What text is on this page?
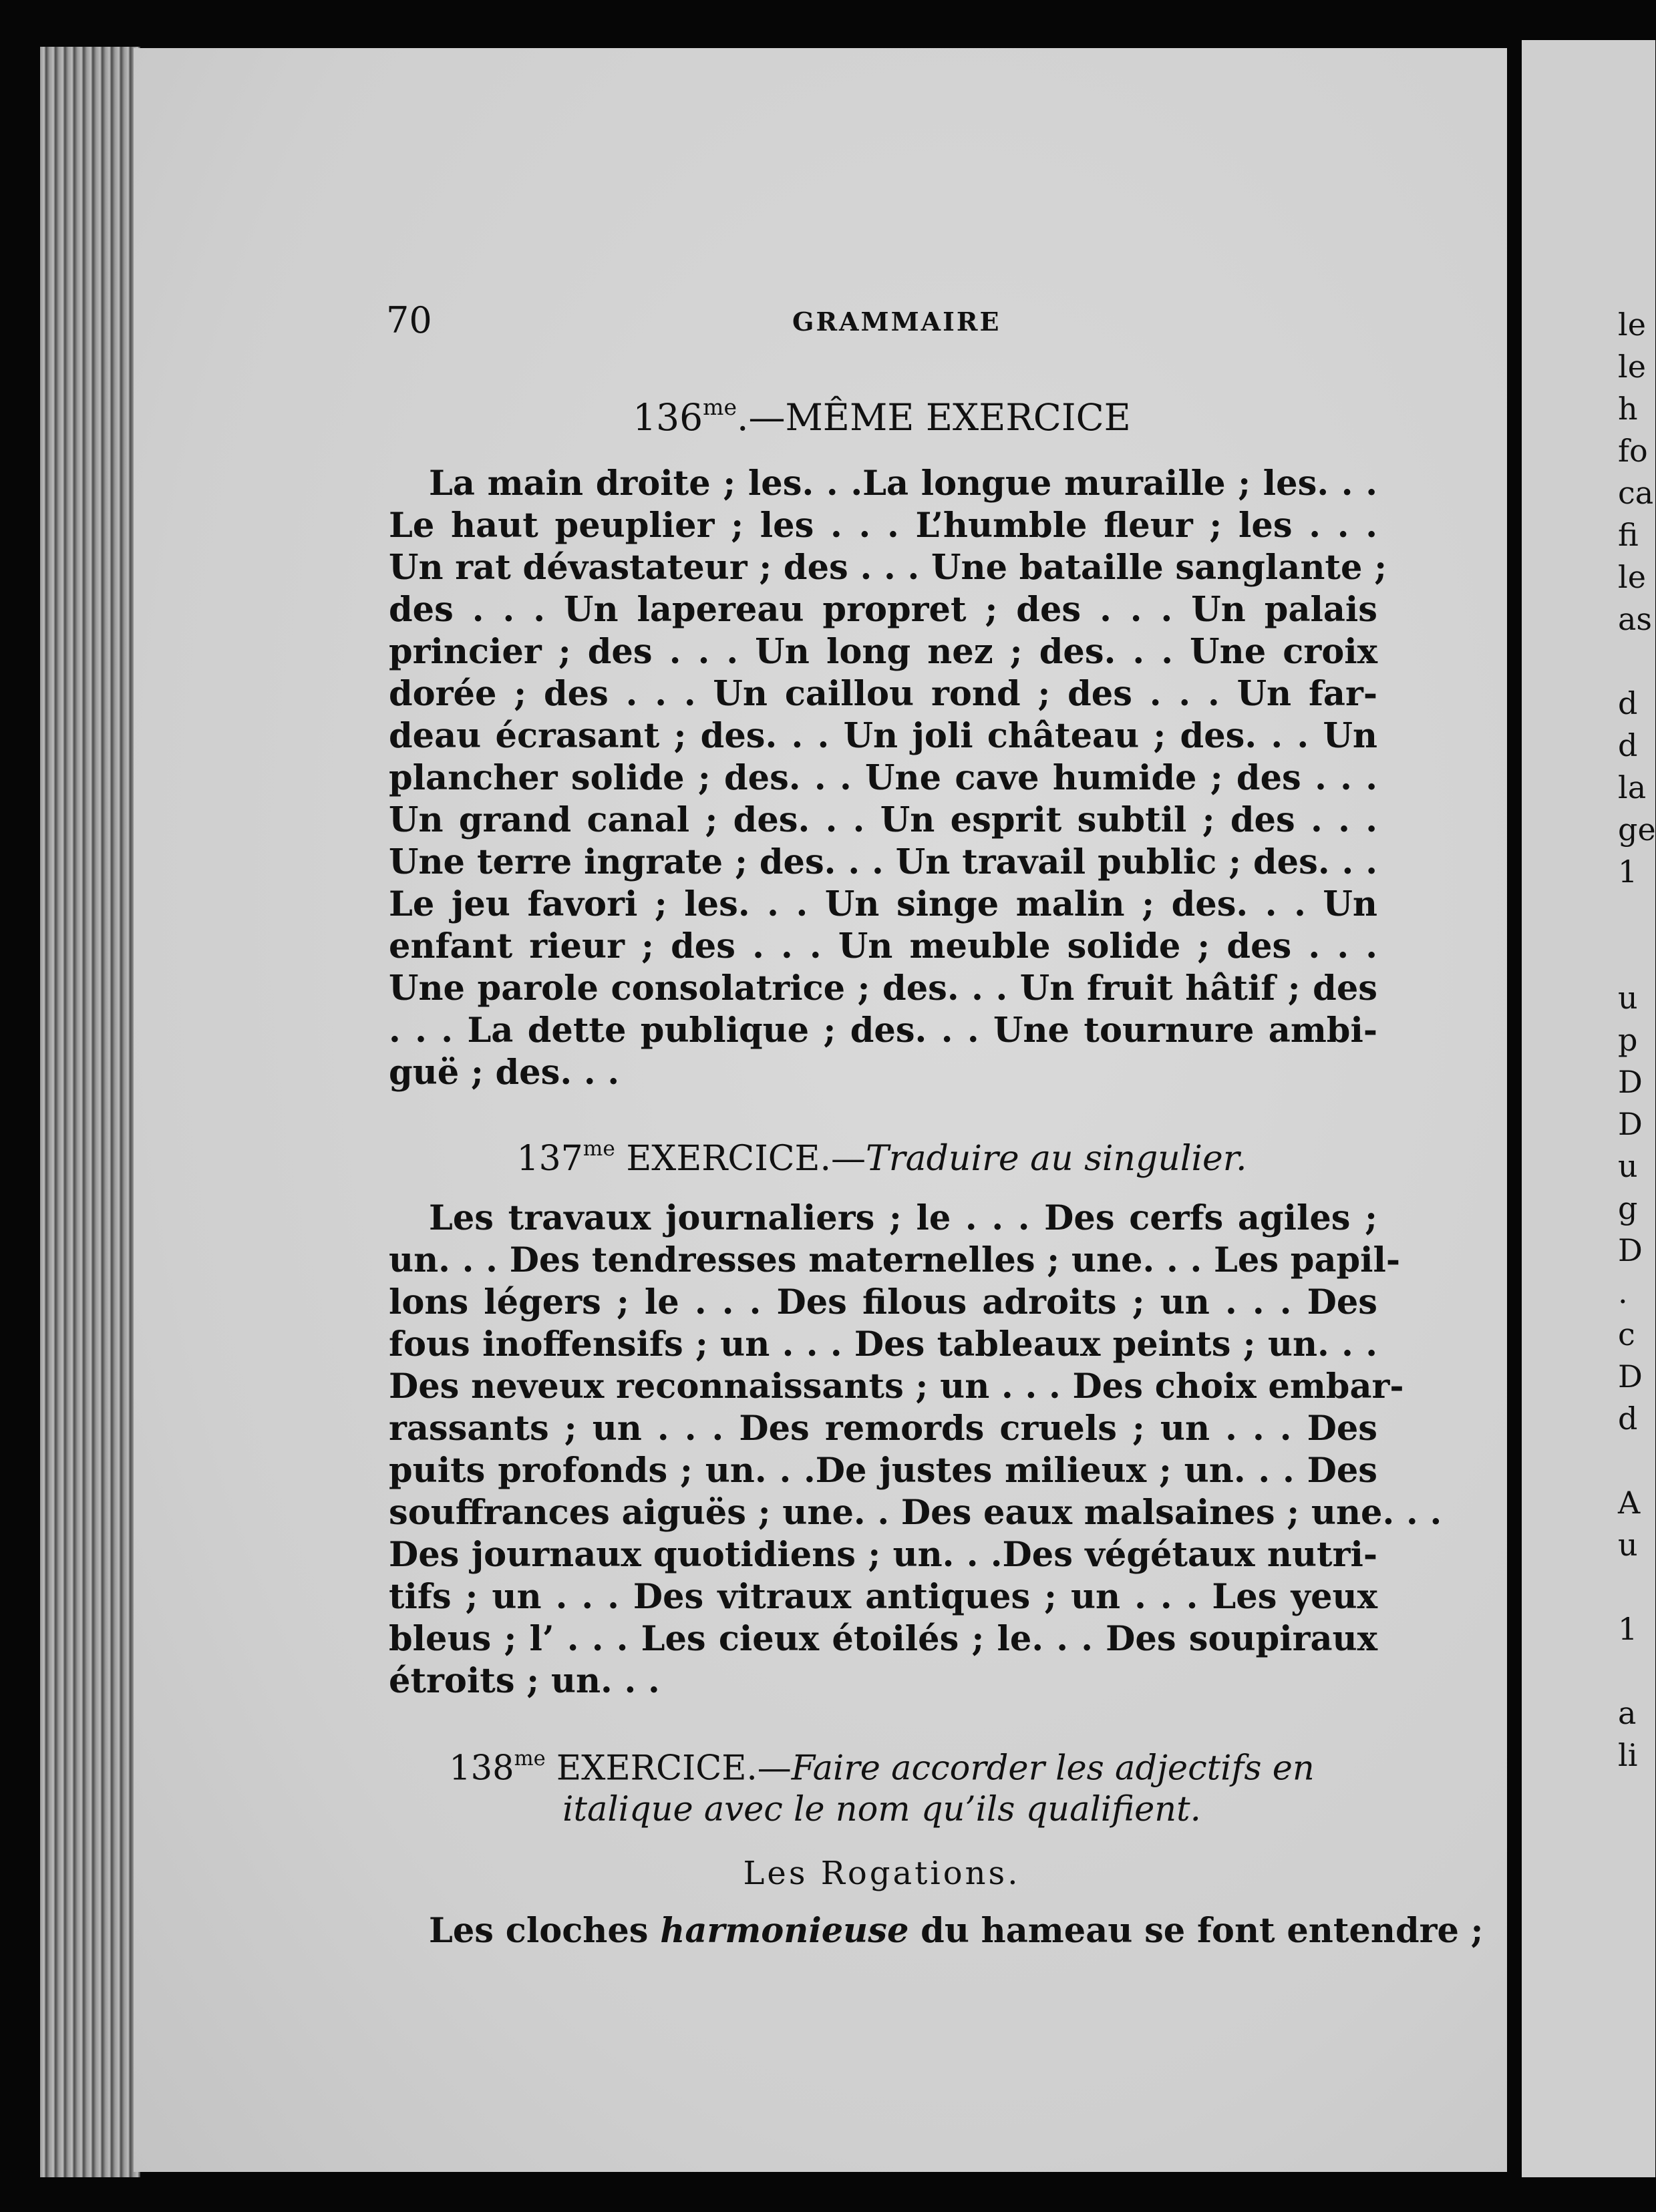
le
le
h
fo
ca
fi
le
as
d
d
la
ge
1
u
p
D
D
u
g
D
.
c
D
d
A
u
1
a
li
70	GRAMMAIRE
$136^{me}.—MÊME$ EXERCICE
La main droite ; les. . .La longue muraille ; les. . .
Le haut peuplier ; les . . . L’humble fleur ; les . . .
Un rat dévastateur ; des . . . Une bataille sanglante ;
des . . . Un lapereau propret ; des . . . Un palais
princier ; des . . . Un long nez ; des. . . Une croix
dorée ; des . . . Un caillou rond ; des . . . Un far-
deau écrasant ; des. . . Un joli château ; des. . . Un
plancher solide ; des. . . Une cave humide ; des . . .
Un grand canal ; des. . . Un esprit subtil ; des . . .
Une terre ingrate ; des. . . Un travail public ; des. . .
Le jeu favori ; les. . . Un singe malin ; des. . . Un
enfant rieur ; des . . . Un meuble solide ; des . . .
Une parole consolatrice ; des. . . Un fruit hâtif ; des
. . . La dette publique ; des. . . Une tournure ambi-
guë ; des. . .
$137^{me}$ EXERCICE.—Traduire au singulier.
Les travaux journaliers ; le . . . Des cerfs agiles ;
un. . . Des tendresses maternelles ; une. . . Les papil-
lons légers ; le . . . Des filous adroits ; un . . . Des
fous inoffensifs ; un . . . Des tableaux peints ; un. . .
Des neveux reconnaissants ; un . . . Des choix embar-
rassants ; un . . . Des remords cruels ; un . . . Des
puits profonds ; un. . .De justes milieux ; un. . . Des
souffrances aiguës ; une. . Des eaux malsaines ; une. . .
Des journaux quotidiens ; un. . .Des végétaux nutri-
tifs ; un . . . Des vitraux antiques ; un . . . Les yeux
bleus ; l’ . . . Les cieux étoilés ; le. . . Des soupiraux
étroits ; un. . .
$138^{me}$ EXERCICE.—Faire accorder les adjectifs en
italique avec le nom qu’ils qualifient.
Les Rogations.
Les cloches harmonieuse du hameau se font entendre ;
